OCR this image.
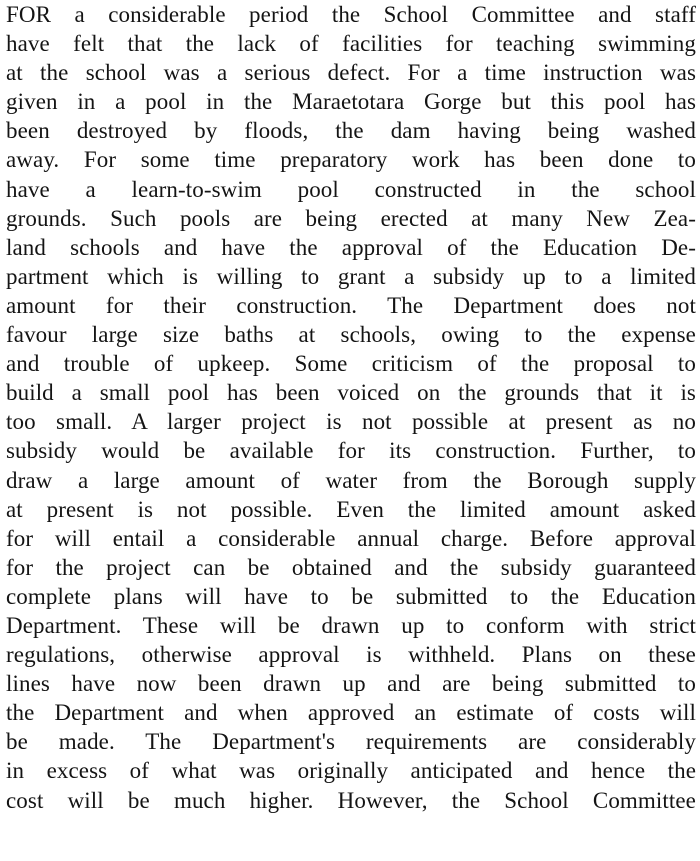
FOR a considerable period the School Committee and staff
have felt that the lack of facilities for teaching swimming
at the school was a serious defect. For a time instruction was
given in a pool in the Maraetotara Gorge but this pool has
been destroyed by floods, the dam having being washed
away. For some time preparatory work has been done to
have a learn-to-swim pool constructed in the school
grounds. Such pools are being erected at many New Zea-
land schools and have the approval of the Education De-
partment which is willing to grant a subsidy up to a limited
amount for their construction. The Department does not
favour large size baths at schools, owing to the expense
and trouble of upkeep. Some criticism of the proposal to
build a small pool has been voiced on the grounds that it is
too small. A larger project is not possible at present as no
subsidy would be available for its construction. Further, to
draw a large amount of water from the Borough supply
at present is not possible. Even the limited amount asked
for will entail a considerable annual charge. Before approval
for the project can be obtained and the subsidy guaranteed
complete plans will have to be submitted to the Education
Department. These will be drawn up to conform with strict
regulations, otherwise approval is withheld. Plans on these
lines have now been drawn up and are being submitted to
the Department and when approved an estimate of costs will
be made. The Department's requirements are considerably
in excess of what was originally anticipated and hence the
cost will be much higher. However, the School Committee
